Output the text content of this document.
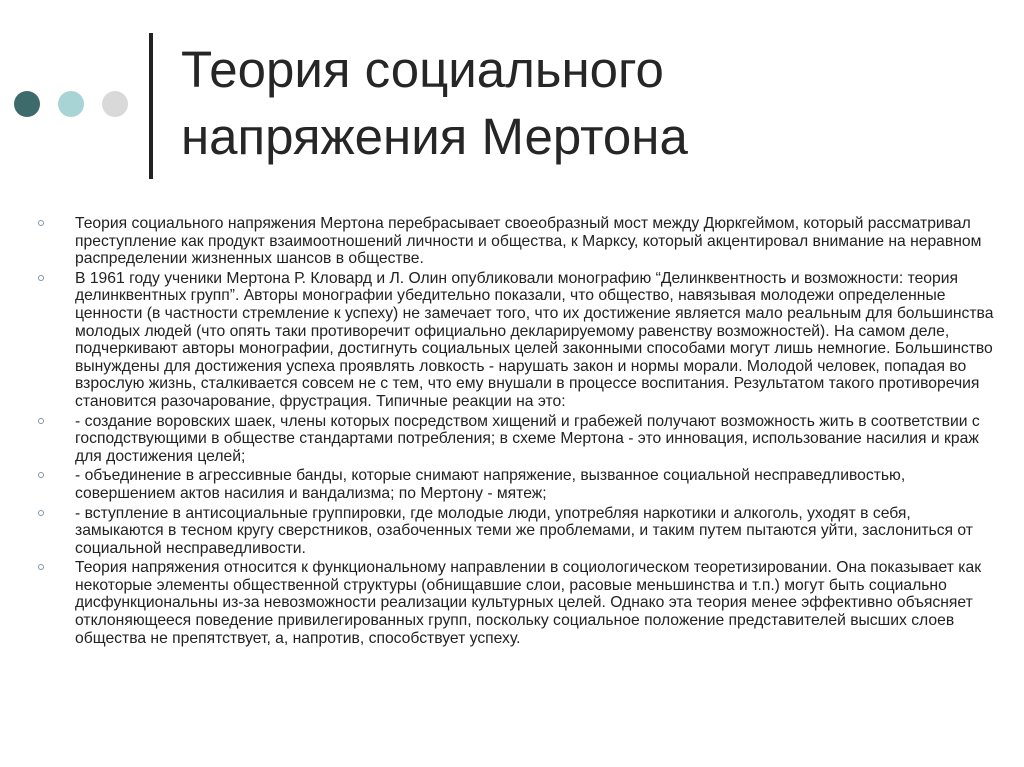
Теория социального
напряжения Мертона
Теория социального напряжения Мертона перебрасывает своеобразный мост между Дюркгеймом, который рассматривал преступление как продукт взаимоотношений личности и общества, к Марксу, который акцентировал внимание на неравном распределении жизненных шансов в обществе.
В 1961 году ученики Мертона Р. Кловард и Л. Олин опубликовали монографию “Делинквентность и возможности: теория делинквентных групп”. Авторы монографии убедительно показали, что общество, навязывая молодежи определенные ценности (в частности стремление к успеху) не замечает того, что их достижение является мало реальным для большинства молодых людей (что опять таки противоречит официально декларируемому равенству возможностей). На самом деле, подчеркивают авторы монографии, достигнуть социальных целей законными способами могут лишь немногие. Большинство вынуждены для достижения успеха проявлять ловкость - нарушать закон и нормы морали. Молодой человек, попадая во взрослую жизнь, сталкивается совсем не с тем, что ему внушали в процессе воспитания. Результатом такого противоречия становится разочарование, фрустрация. Типичные реакции на это:
- создание воровских шаек, члены которых посредством хищений и грабежей получают возможность жить в соответствии с господствующими в обществе стандартами потребления; в схеме Мертона - это инновация, использование насилия и краж для достижения целей;
- объединение в агрессивные банды, которые снимают напряжение, вызванное социальной несправедливостью, совершением актов насилия и вандализма; по Мертону - мятеж;
- вступление в антисоциальные группировки, где молодые люди, употребляя наркотики и алкоголь, уходят в себя, замыкаются в тесном кругу сверстников, озабоченных теми же проблемами, и таким путем пытаются уйти, заслониться от социальной несправедливости.
Теория напряжения относится к функциональному направлении в социологическом теоретизировании. Она показывает как некоторые элементы общественной структуры (обнищавшие слои, расовые меньшинства и т.п.) могут быть социально дисфункциональны из-за невозможности реализации культурных целей. Однако эта теория менее эффективно объясняет отклоняющееся поведение привилегированных групп, поскольку социальное положение представителей высших слоев общества не препятствует, а, напротив, способствует успеху.
